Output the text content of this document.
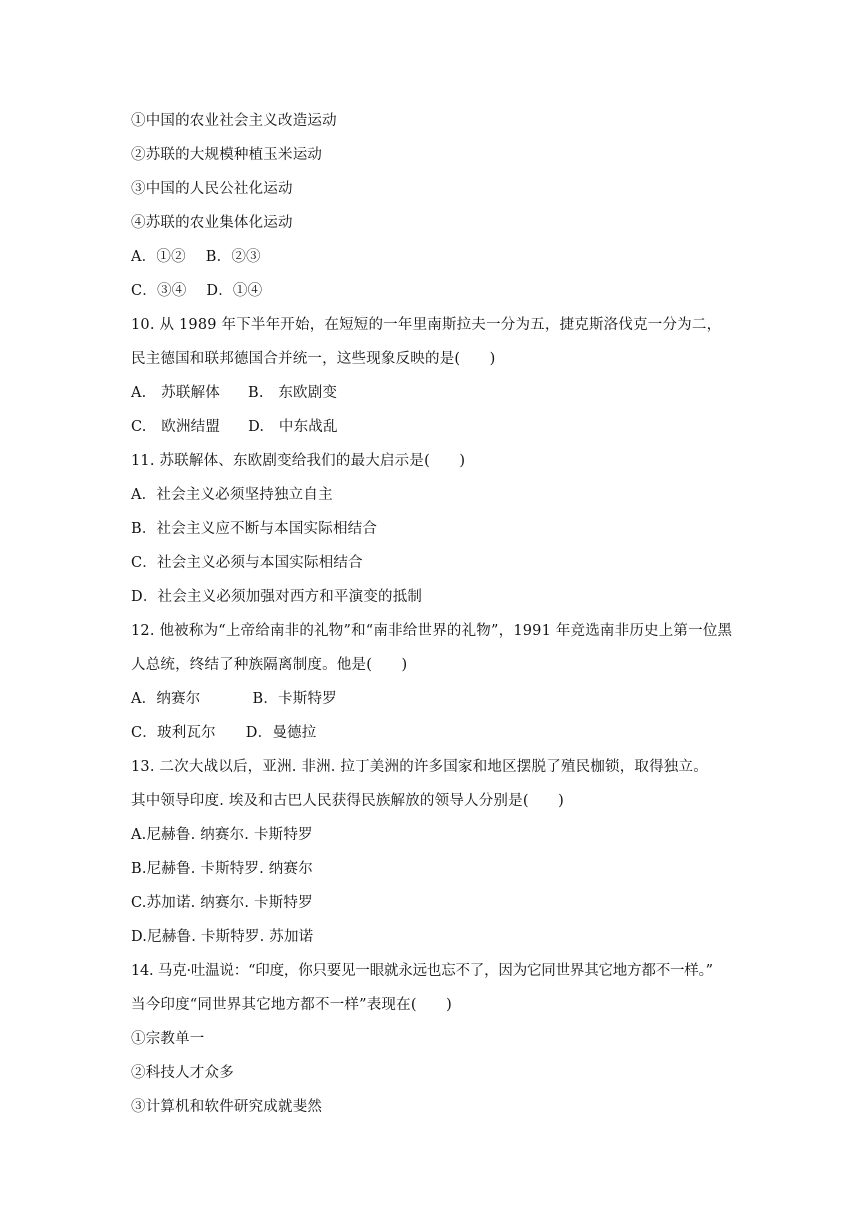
①中国的农业社会主义改造运动
②苏联的大规模种植玉米运动
③中国的人民公社化运动
④苏联的农业集体化运动
A．①② B．②③
C．③④ D．①④
10. 从 1989 年下半年开始，在短短的一年里南斯拉夫一分为五，捷克斯洛伐克一分为二，
民主德国和联邦德国合并统一，这些现象反映的是(　　)
A.　苏联解体 B.　东欧剧变
C.　欧洲结盟 D.　中东战乱
11. 苏联解体、东欧剧变给我们的最大启示是(　　)
A．社会主义必须坚持独立自主
B．社会主义应不断与本国实际相结合
C．社会主义必须与本国实际相结合
D．社会主义必须加强对西方和平演变的抵制
12. 他被称为“上帝给南非的礼物”和“南非给世界的礼物”，1991 年竞选南非历史上第一位黑
人总统，终结了种族隔离制度。他是(　　)
A．纳赛尔	B．卡斯特罗
C．玻利瓦尔 D．曼德拉
13. 二次大战以后，亚洲. 非洲. 拉丁美洲的许多国家和地区摆脱了殖民枷锁，取得独立。
其中领导印度. 埃及和古巴人民获得民族解放的领导人分别是(　　)
A.尼赫鲁. 纳赛尔. 卡斯特罗
B.尼赫鲁. 卡斯特罗. 纳赛尔
C.苏加诺. 纳赛尔. 卡斯特罗
D.尼赫鲁. 卡斯特罗. 苏加诺
14. 马克·吐温说：“印度，你只要见一眼就永远也忘不了，因为它同世界其它地方都不一样。”
当今印度“同世界其它地方都不一样”表现在(　　)
①宗教单一
②科技人才众多
③计算机和软件研究成就斐然
